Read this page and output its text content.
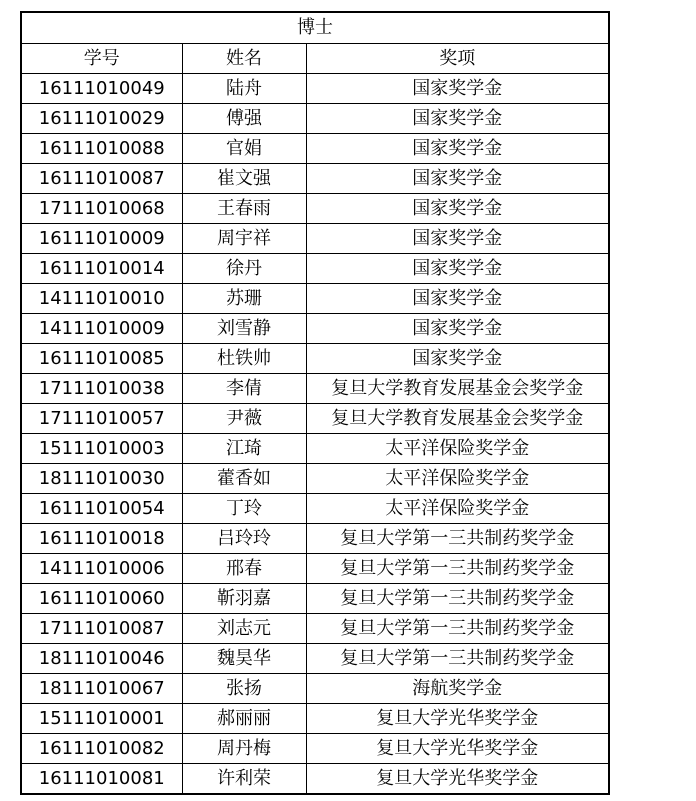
博士		
学号	姓名	奖项
16111010049	陆舟	国家奖学金
16111010029	傅强	国家奖学金
16111010088	官娟	国家奖学金
16111010087	崔文强	国家奖学金
17111010068	王春雨	国家奖学金
16111010009	周宇祥	国家奖学金
16111010014	徐丹	国家奖学金
14111010010	苏珊	国家奖学金
14111010009	刘雪静	国家奖学金
16111010085	杜铁帅	国家奖学金
17111010038	李倩	复旦大学教育发展基金会奖学金
17111010057	尹薇	复旦大学教育发展基金会奖学金
15111010003	江琦	太平洋保险奖学金
18111010030	藿香如	太平洋保险奖学金
16111010054	丁玲	太平洋保险奖学金
16111010018	吕玲玲	复旦大学第一三共制药奖学金
14111010006	邢春	复旦大学第一三共制药奖学金
16111010060	靳羽嘉	复旦大学第一三共制药奖学金
17111010087	刘志元	复旦大学第一三共制药奖学金
18111010046	魏昊华	复旦大学第一三共制药奖学金
18111010067	张扬	海航奖学金
15111010001	郝丽丽	复旦大学光华奖学金
16111010082	周丹梅	复旦大学光华奖学金
16111010081	许利荣	复旦大学光华奖学金
